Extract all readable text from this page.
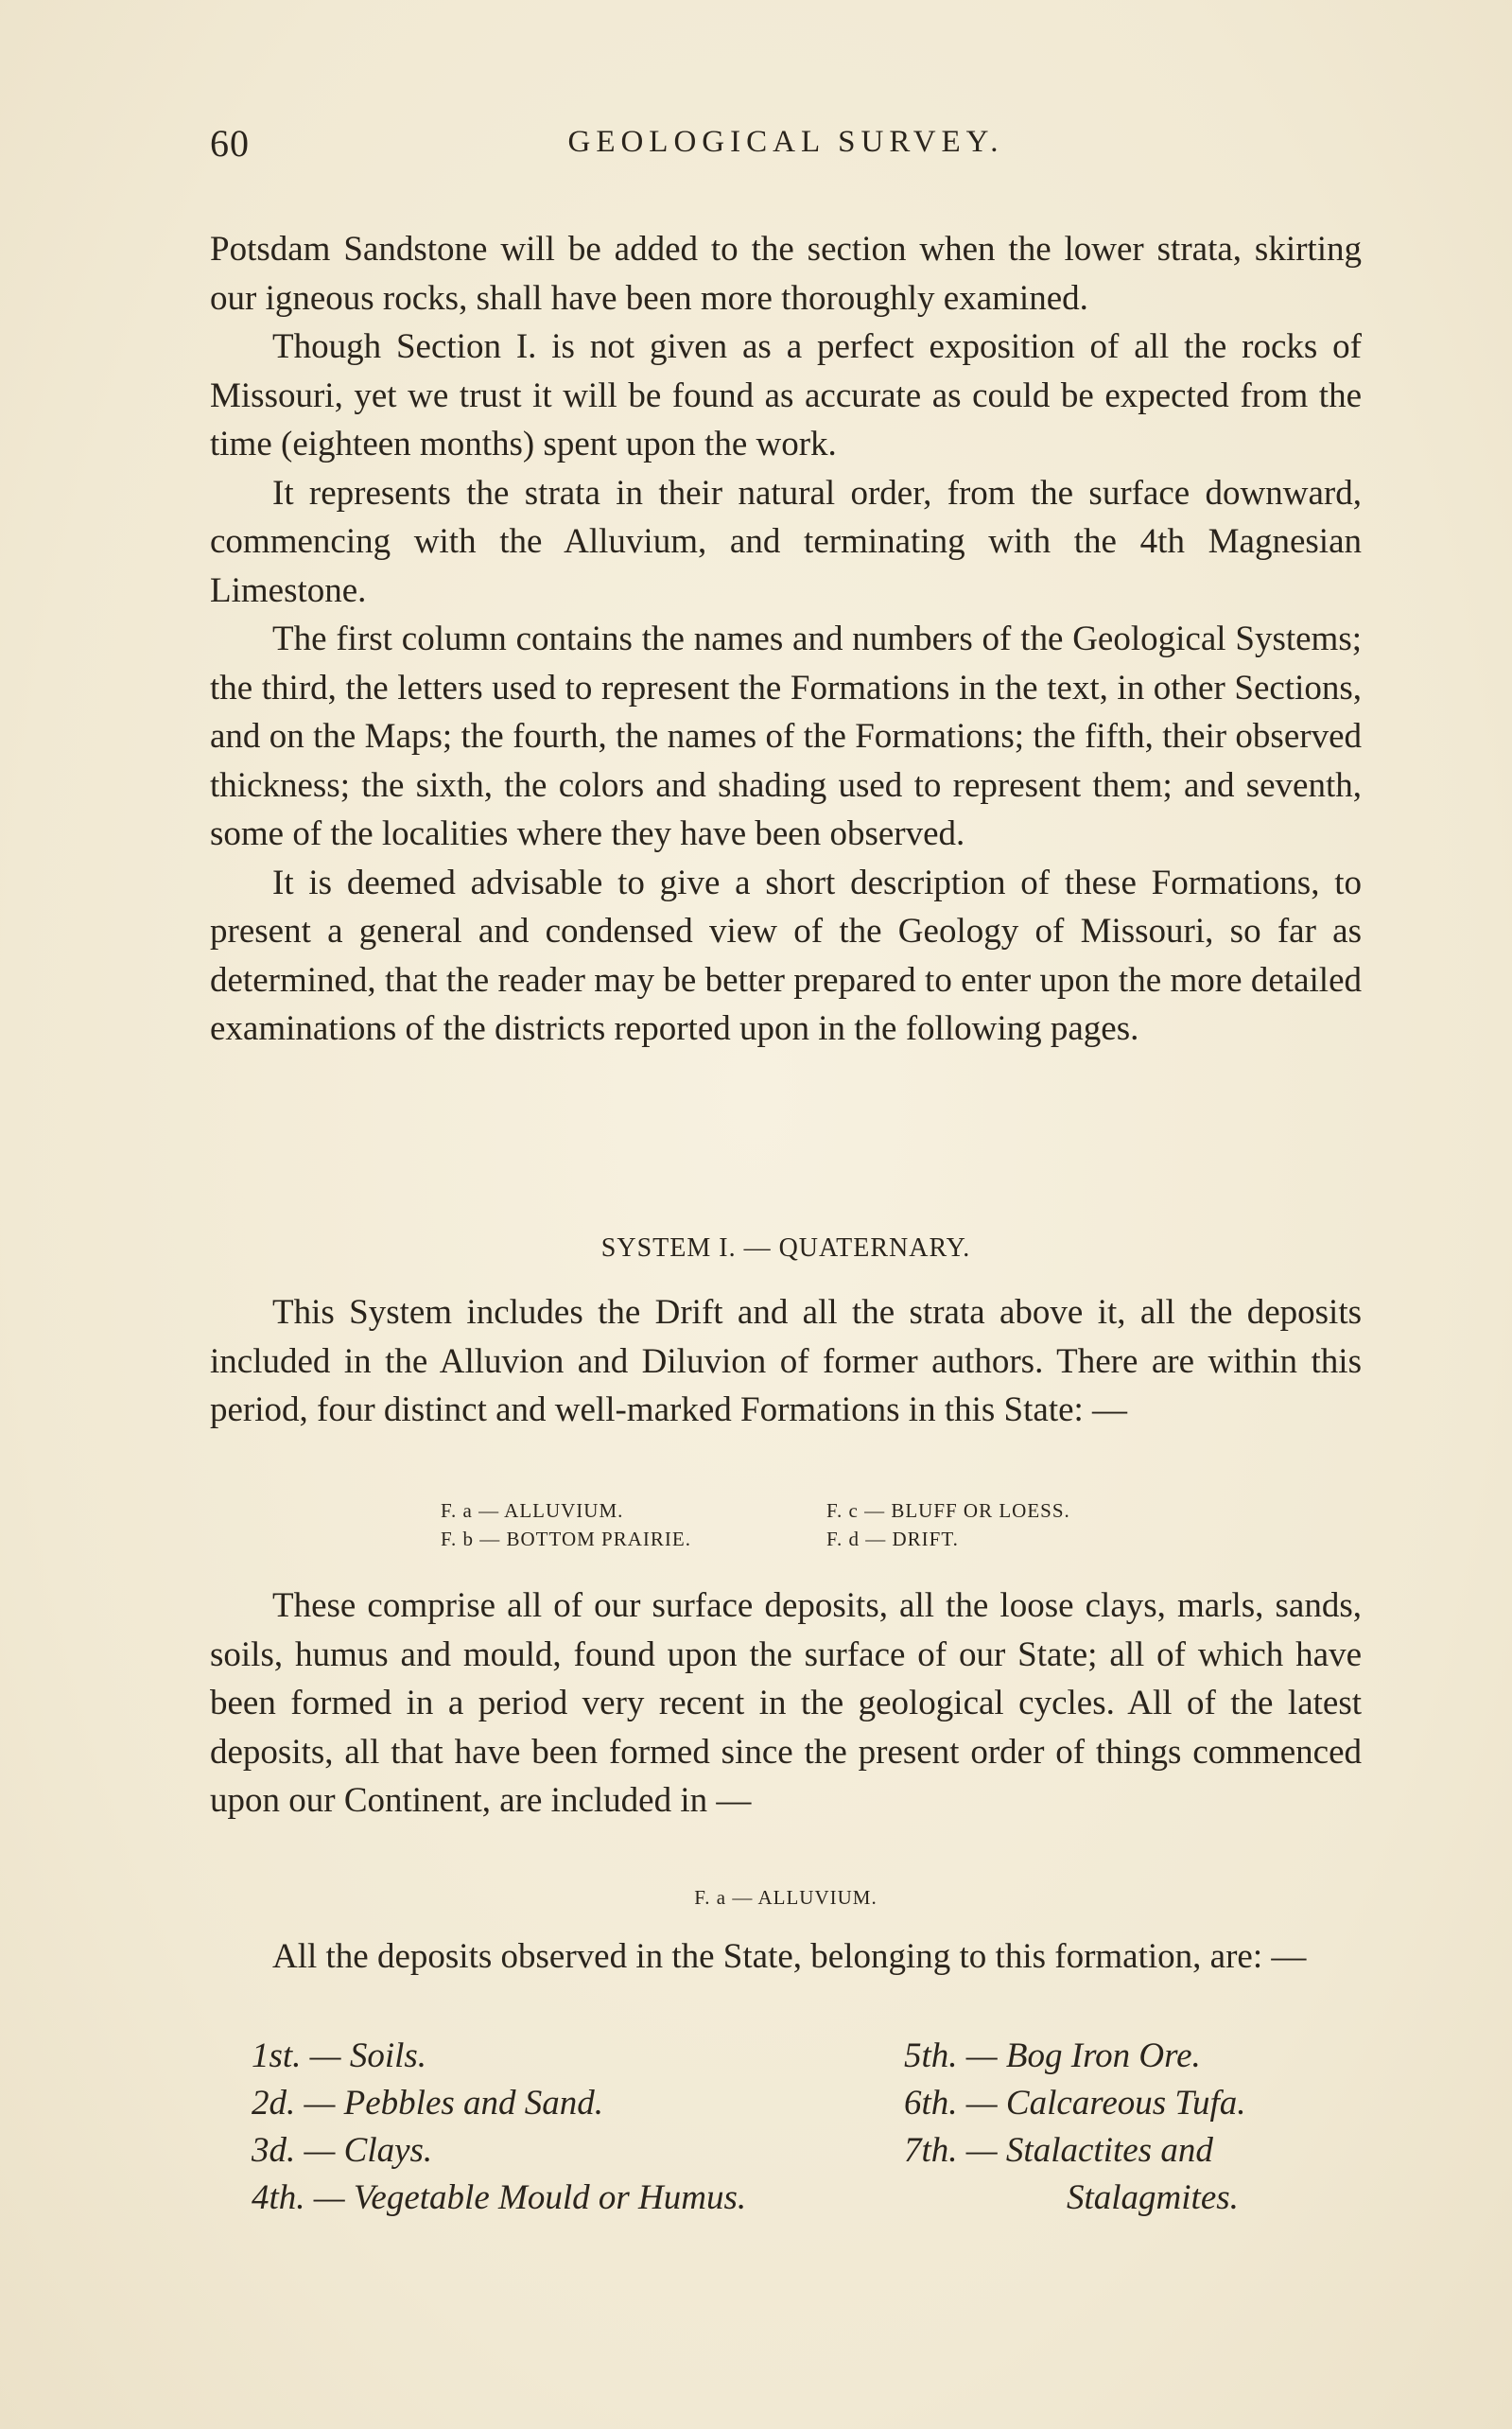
60	GEOLOGICAL SURVEY.

Potsdam Sandstone will be added to the section when the lower strata, skirting our igneous rocks, shall have been more thoroughly examined.

Though Section I. is not given as a perfect exposition of all the rocks of Missouri, yet we trust it will be found as accurate as could be expected from the time (eighteen months) spent upon the work.

It represents the strata in their natural order, from the surface downward, commencing with the Alluvium, and terminating with the 4th Magnesian Limestone.

The first column contains the names and numbers of the Geological Systems; the third, the letters used to represent the Formations in the text, in other Sections, and on the Maps; the fourth, the names of the Formations; the fifth, their observed thickness; the sixth, the colors and shading used to represent them; and seventh, some of the localities where they have been observed.

It is deemed advisable to give a short description of these Formations, to present a general and condensed view of the Geology of Missouri, so far as determined, that the reader may be better prepared to enter upon the more detailed examinations of the districts reported upon in the following pages.

SYSTEM I. — QUATERNARY.

This System includes the Drift and all the strata above it, all the deposits included in the Alluvion and Diluvion of former authors. There are within this period, four distinct and well-marked Formations in this State: —

F. a — ALLUVIUM.	F. c — BLUFF OR LOESS.
F. b — BOTTOM PRAIRIE.	F. d — DRIFT.

These comprise all of our surface deposits, all the loose clays, marls, sands, soils, humus and mould, found upon the surface of our State; all of which have been formed in a period very recent in the geological cycles. All of the latest deposits, all that have been formed since the present order of things commenced upon our Continent, are included in —

F. a — ALLUVIUM.

All the deposits observed in the State, belonging to this formation, are: —

1st. — Soils.	5th. — Bog Iron Ore.
2d. — Pebbles and Sand.	6th. — Calcareous Tufa.
3d. — Clays.	7th. — Stalactites and
4th. — Vegetable Mould or Humus.	Stalagmites.
